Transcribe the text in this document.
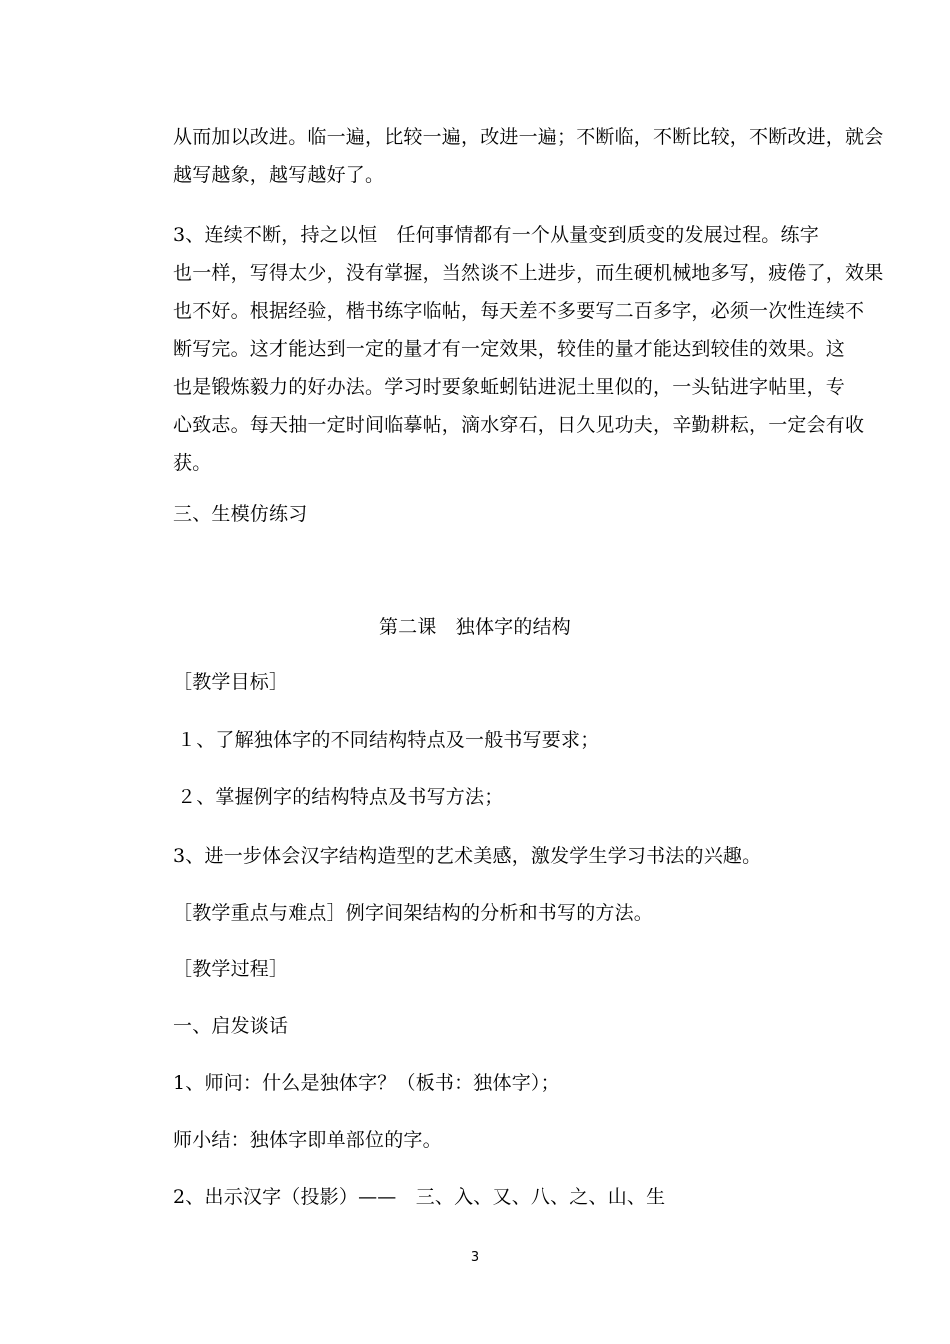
从而加以改进。临一遍，比较一遍，改进一遍；不断临，不断比较，不断改进，就会
越写越象，越写越好了。
3、连续不断，持之以恒　任何事情都有一个从量变到质变的发展过程。练字
也一样，写得太少，没有掌握，当然谈不上进步，而生硬机械地多写，疲倦了，效果
也不好。根据经验，楷书练字临帖，每天差不多要写二百多字，必须一次性连续不
断写完。这才能达到一定的量才有一定效果，较佳的量才能达到较佳的效果。这
也是锻炼毅力的好办法。学习时要象蚯蚓钻进泥土里似的，一头钻进字帖里，专
心致志。每天抽一定时间临摹帖，滴水穿石，日久见功夫，辛勤耕耘，一定会有收
获。
三、生模仿练习
第二课　独体字的结构
［教学目标］
１、了解独体字的不同结构特点及一般书写要求；
２、掌握例字的结构特点及书写方法；
3、进一步体会汉字结构造型的艺术美感，激发学生学习书法的兴趣。
［教学重点与难点］例字间架结构的分析和书写的方法。
［教学过程］
一、启发谈话
1、师问：什么是独体字？（板书：独体字）；
师小结：独体字即单部位的字。
2、出示汉字（投影）——　三、入、又、八、之、山、生
3
